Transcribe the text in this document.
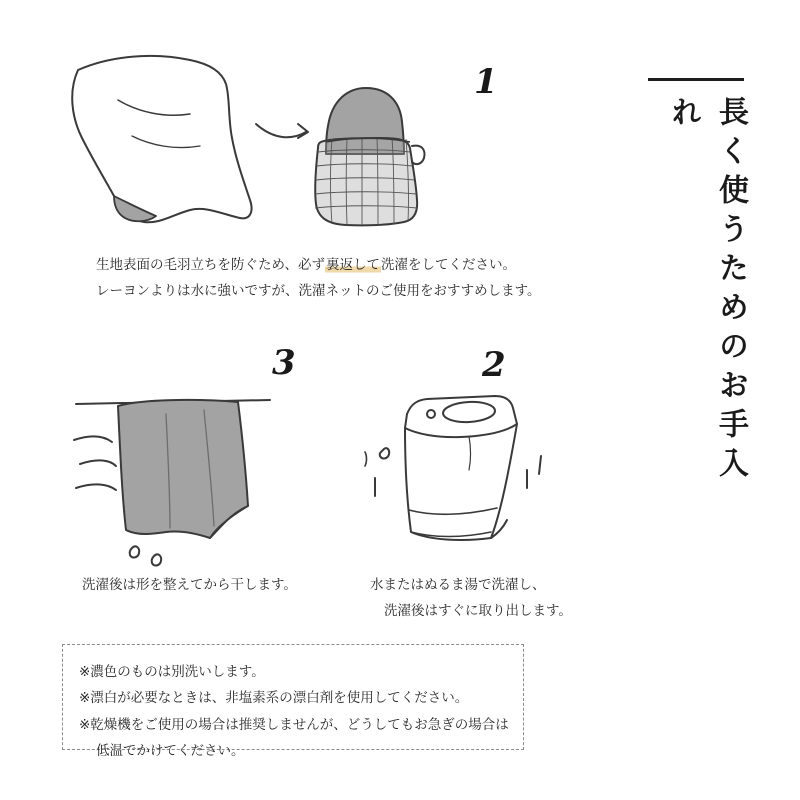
長く使うためのお手入れ
1
生地表面の毛羽立ちを防ぐため、必ず裏返して洗濯をしてください。
レーヨンよりは水に強いですが、洗濯ネットのご使用をおすすめします。
3
洗濯後は形を整えてから干します。
2
水またはぬるま湯で洗濯し、
洗濯後はすぐに取り出します。
※濃色のものは別洗いします。
※漂白が必要なときは、非塩素系の漂白剤を使用してください。
※乾燥機をご使用の場合は推奨しませんが、どうしてもお急ぎの場合は
低温でかけてください。
